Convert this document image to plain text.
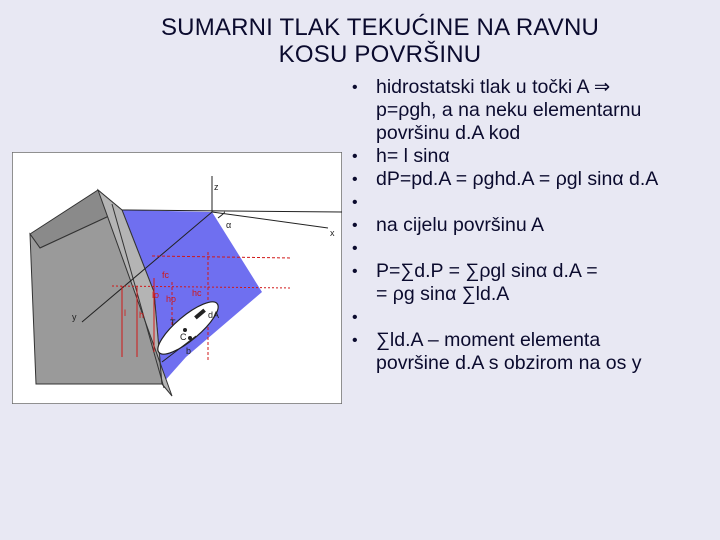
SUMARNI TLAK TEKUĆINE NA RAVNU
KOSU POVRŠINU
z
x
α
y
fc
lo ho
hc
l h
T
C
dA
b
• hidrostatski tlak u točki A ⇒
p=ρgh, a na neku elementarnu
površinu d.A kod
• h= l sinα
• dP=pd.A = ρghd.A = ρgl sinα d.A
•
• na cijelu površinu A
•
• P=∑d.P = ∑ρgl sinα d.A =
= ρg sinα ∑ld.A
•
• ∑ld.A – moment elementa
površine d.A s obzirom na os y
